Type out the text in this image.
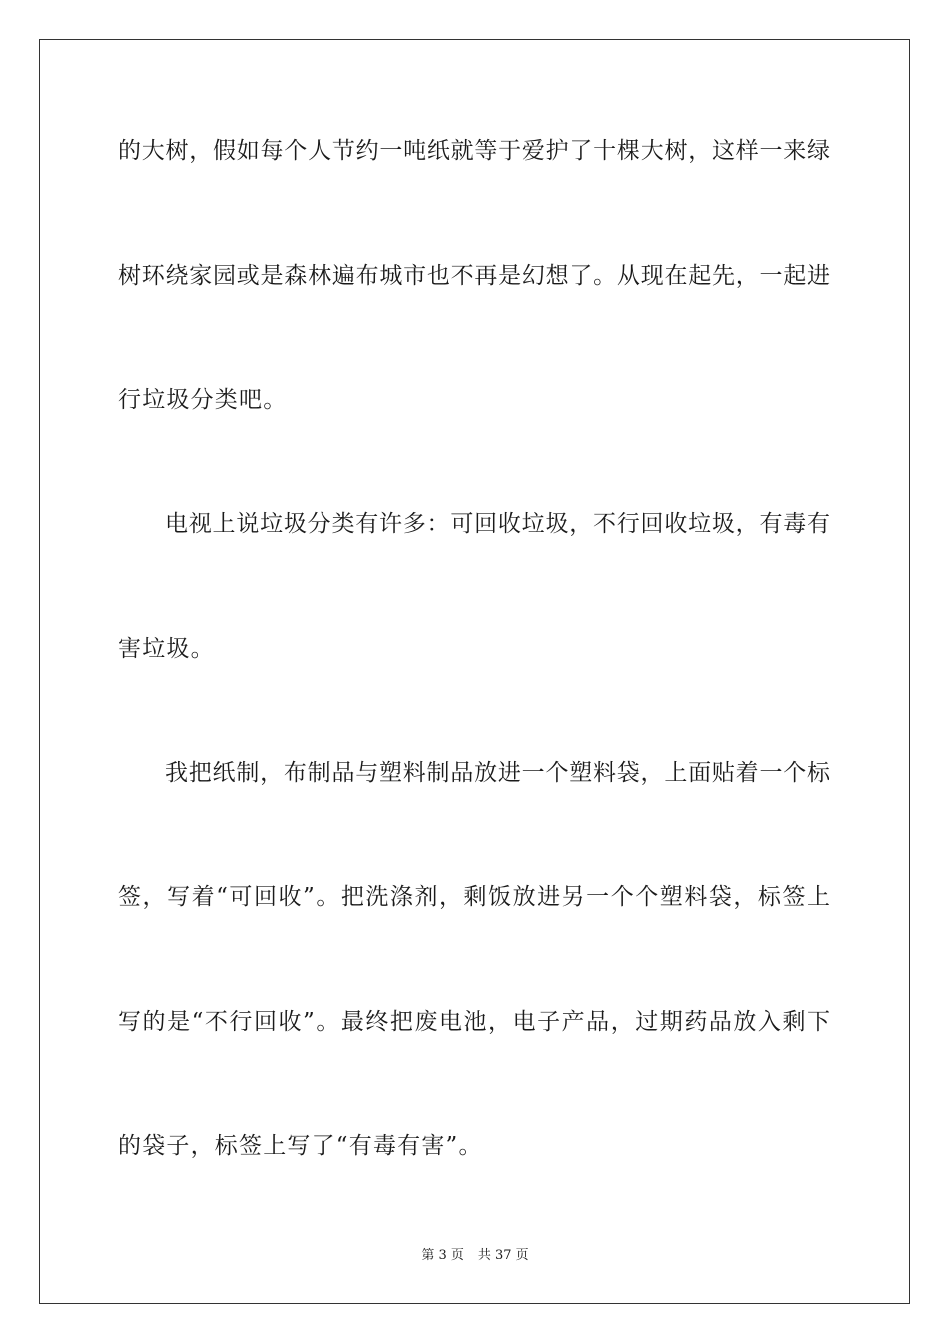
的大树，假如每个人节约一吨纸就等于爱护了十棵大树，这样一来绿
树环绕家园或是森林遍布城市也不再是幻想了。从现在起先，一起进
行垃圾分类吧。
电视上说垃圾分类有许多：可回收垃圾，不行回收垃圾，有毒有
害垃圾。
我把纸制，布制品与塑料制品放进一个塑料袋，上面贴着一个标
签，写着“可回收”。把洗涤剂，剩饭放进另一个个塑料袋，标签上
写的是“不行回收”。最终把废电池，电子产品，过期药品放入剩下
的袋子，标签上写了“有毒有害”。
第 3 页 共 37 页
